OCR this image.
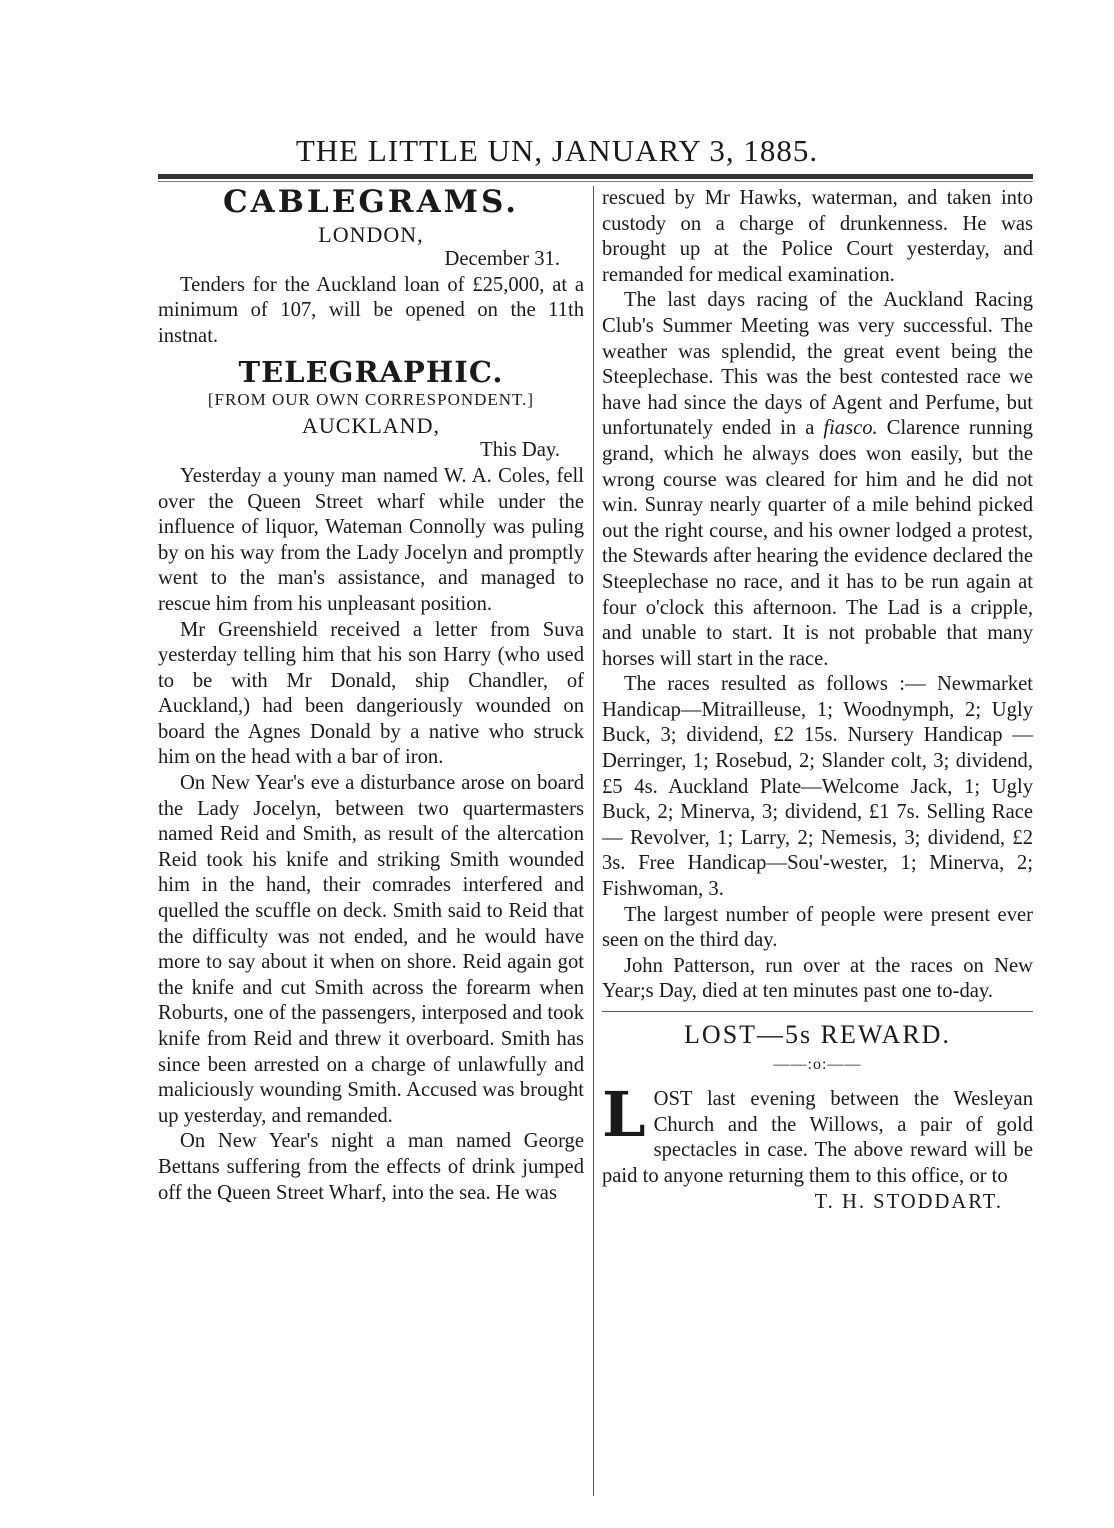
THE LITTLE UN, JANUARY 3, 1885.
CABLEGRAMS.

LONDON,

December 31.

Tenders for the Auckland loan of £25,000, at a minimum of 107, will be opened on the 11th instnat.

TELEGRAPHIC.

[FROM OUR OWN CORRESPONDENT.]

AUCKLAND,

This Day.

Yesterday a youny man named W. A. Coles, fell over the Queen Street wharf while under the influence of liquor, Wateman Connolly was puling by on his way from the Lady Jocelyn and promptly went to the man's assistance, and managed to rescue him from his unpleasant position.

Mr Greenshield received a letter from Suva yesterday telling him that his son Harry (who used to be with Mr Donald, ship Chandler, of Auckland,) had been dangeriously wounded on board the Agnes Donald by a native who struck him on the head with a bar of iron.

On New Year's eve a disturbance arose on board the Lady Jocelyn, between two quartermasters named Reid and Smith, as result of the altercation Reid took his knife and striking Smith wounded him in the hand, their comrades interfered and quelled the scuffle on deck. Smith said to Reid that the difficulty was not ended, and he would have more to say about it when on shore. Reid again got the knife and cut Smith across the forearm when Roburts, one of the passengers, interposed and took knife from Reid and threw it overboard. Smith has since been arrested on a charge of unlawfully and maliciously wounding Smith. Accused was brought up yesterday, and remanded.

On New Year's night a man named George Bettans suffering from the effects of drink jumped off the Queen Street Wharf, into the sea. He was

rescued by Mr Hawks, waterman, and taken into custody on a charge of drunkenness. He was brought up at the Police Court yesterday, and remanded for medical examination.

The last days racing of the Auckland Racing Club's Summer Meeting was very successful. The weather was splendid, the great event being the Steeplechase. This was the best contested race we have had since the days of Agent and Perfume, but unfortunately ended in a fiasco. Clarence running grand, which he always does won easily, but the wrong course was cleared for him and he did not win. Sunray nearly quarter of a mile behind picked out the right course, and his owner lodged a protest, the Stewards after hearing the evidence declared the Steeplechase no race, and it has to be run again at four o'clock this afternoon. The Lad is a cripple, and unable to start. It is not probable that many horses will start in the race.

The races resulted as follows :— Newmarket Handicap—Mitrailleuse, 1; Woodnymph, 2; Ugly Buck, 3; dividend, £2 15s. Nursery Handicap —Derringer, 1; Rosebud, 2; Slander colt, 3; dividend, £5 4s. Auckland Plate—Welcome Jack, 1; Ugly Buck, 2; Minerva, 3; dividend, £1 7s. Selling Race — Revolver, 1; Larry, 2; Nemesis, 3; dividend, £2 3s. Free Handicap—Sou'-wester, 1; Minerva, 2; Fishwoman, 3.

The largest number of people were present ever seen on the third day.

John Patterson, run over at the races on New Year;s Day, died at ten minutes past one to-day.

LOST—5s REWARD.
——:o:——

LOST last evening between the Wesleyan Church and the Willows, a pair of gold spectacles in case. The above reward will be paid to anyone returning them to this office, or to

T. H. STODDART.
